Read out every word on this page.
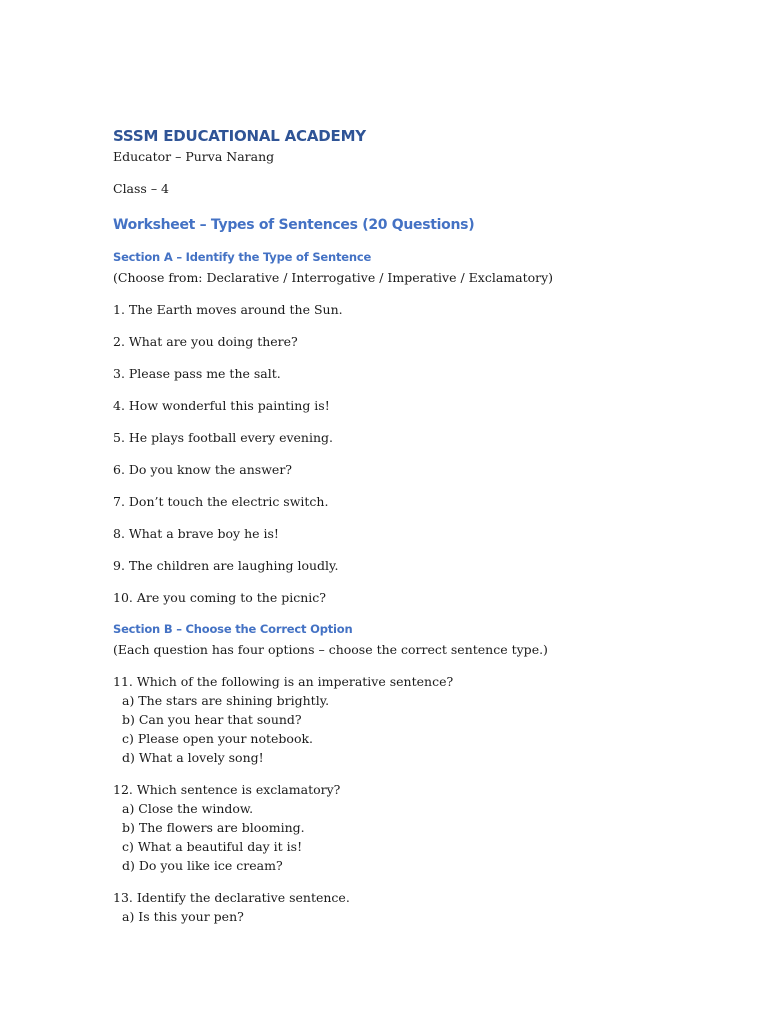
SSSM EDUCATIONAL ACADEMY

Educator – Purva Narang

Class – 4

Worksheet – Types of Sentences (20 Questions)
Section A – Identify the Type of Sentence

(Choose from: Declarative / Interrogative / Imperative / Exclamatory)

1. The Earth moves around the Sun.

2. What are you doing there?

3. Please pass me the salt.

4. How wonderful this painting is!

5. He plays football every evening.

6. Do you know the answer?

7. Don’t touch the electric switch.

8. What a brave boy he is!

9. The children are laughing loudly.

10. Are you coming to the picnic?

Section B – Choose the Correct Option

(Each question has four options – choose the correct sentence type.)

11. Which of the following is an imperative sentence?

a) The stars are shining brightly.

b) Can you hear that sound?

c) Please open your notebook.

d) What a lovely song!

12. Which sentence is exclamatory?

a) Close the window.

b) The flowers are blooming.

c) What a beautiful day it is!

d) Do you like ice cream?

13. Identify the declarative sentence.

a) Is this your pen?
